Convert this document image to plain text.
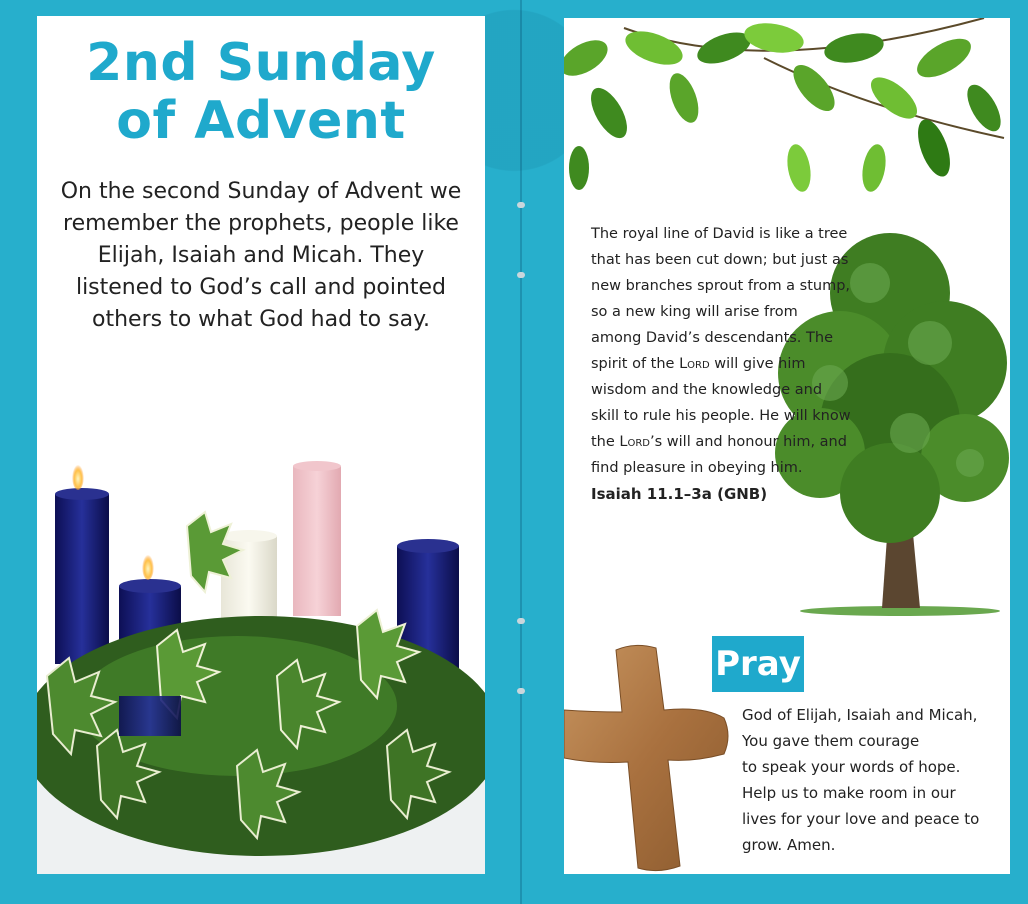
2nd Sunday
of Advent
On the second Sunday of Advent we remember the prophets, people like Elijah, Isaiah and Micah. They listened to God’s call and pointed others to what God had to say.
The royal line of David is like a tree that has been cut down; but just as new branches sprout from a stump, so a new king will arise from among David’s descendants. The spirit of the Lord will give him wisdom and the knowledge and skill to rule his people. He will know the Lord’s will and honour him, and find pleasure in obeying him.
Isaiah 11.1–3a (GNB)
Pray
God of Elijah, Isaiah and Micah,
You gave them courage
to speak your words of hope.
Help us to make room in our
lives for your love and peace to
grow. Amen.
